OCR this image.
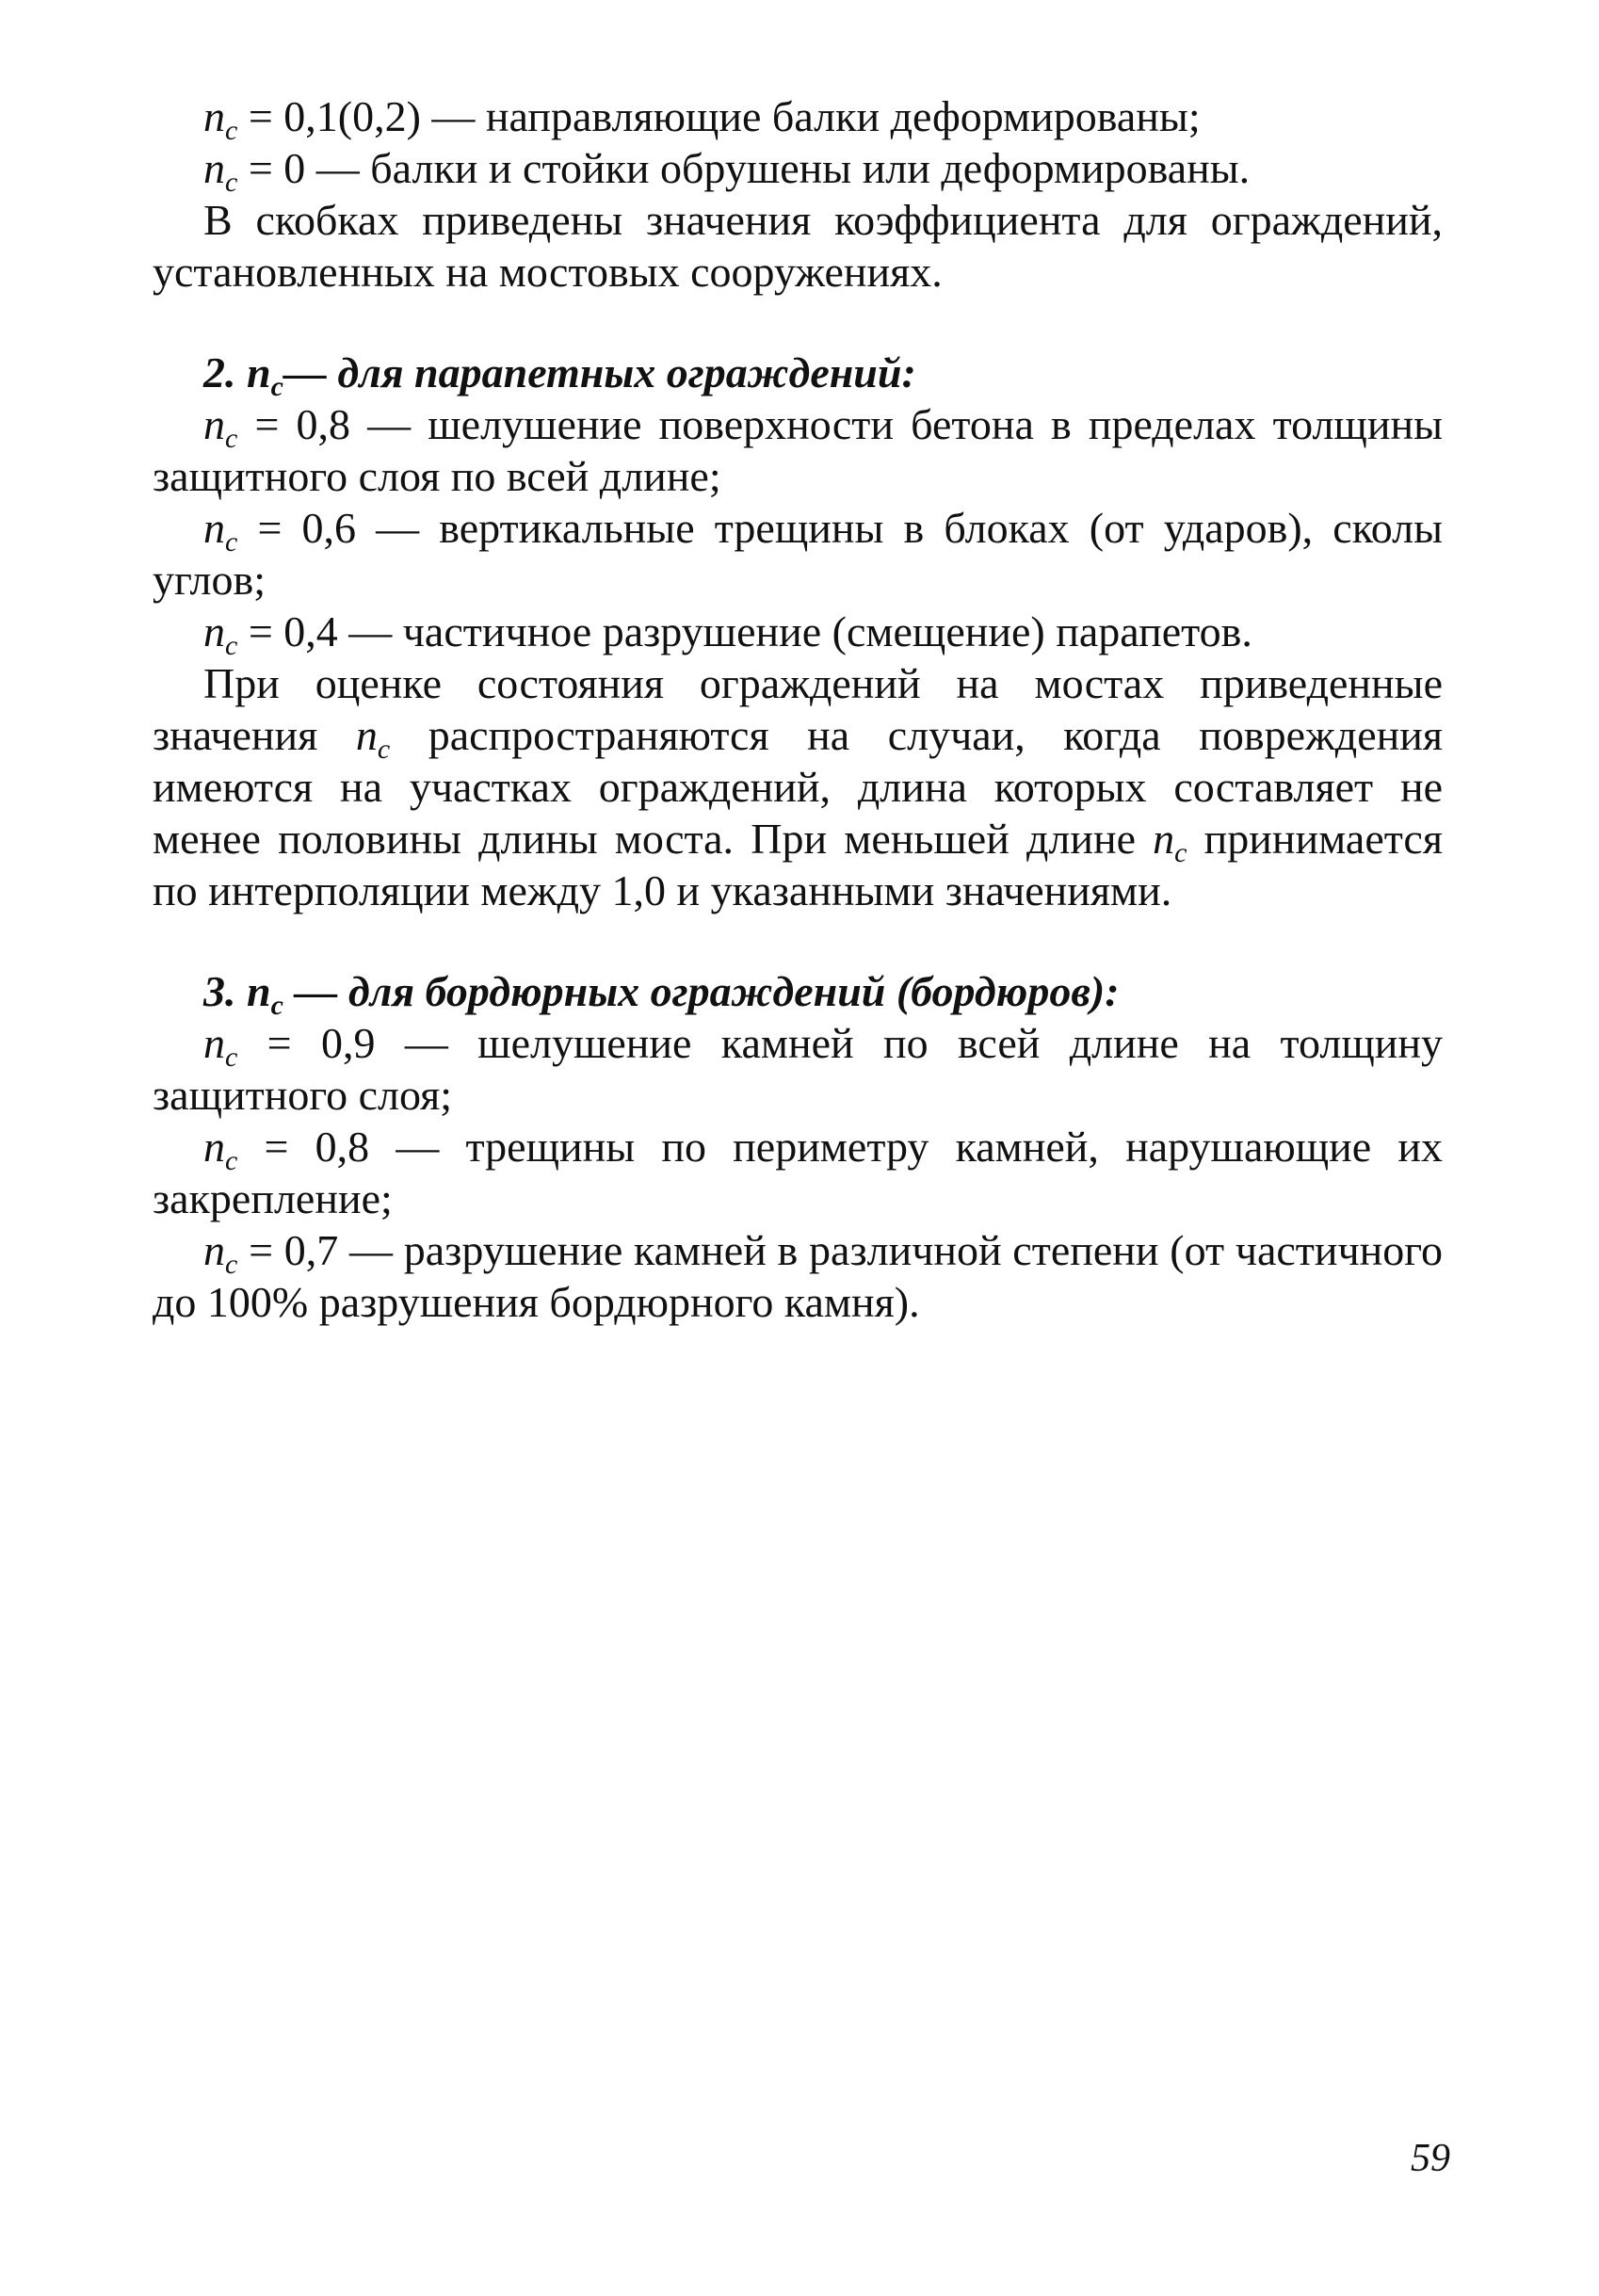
$n_c = 0,1(0,2)$ — направляющие балки деформированы;

$n_c = 0$ — балки и стойки обрушены или деформированы.

В скобках приведены значения коэффициента для ограждений, установленных на мостовых сооружениях.

2. $n_c—$ для парапетных ограждений:

$n_c = 0,8$ — шелушение поверхности бетона в пределах толщины защитного слоя по всей длине;

$n_c = 0,6$ — вертикальные трещины в блоках (от ударов), сколы углов;

$n_c = 0,4$ — частичное разрушение (смещение) парапетов.

При оценке состояния ограждений на мостах приведенные значения $n_c$ распространяются на случаи, когда повреждения имеются на участках ограждений, длина которых составляет не менее половины длины моста. При меньшей длине $n_c$ принимается по интерполяции между 1,0 и указанными значениями.

3. $n_c$ — для бордюрных ограждений (бордюров):

$n_c = 0,9$ — шелушение камней по всей длине на толщину защитного слоя;

$n_c = 0,8$ — трещины по периметру камней, нарушающие их закрепление;

$n_c = 0,7$ — разрушение камней в различной степени (от частичного до 100% разрушения бордюрного камня).

59
